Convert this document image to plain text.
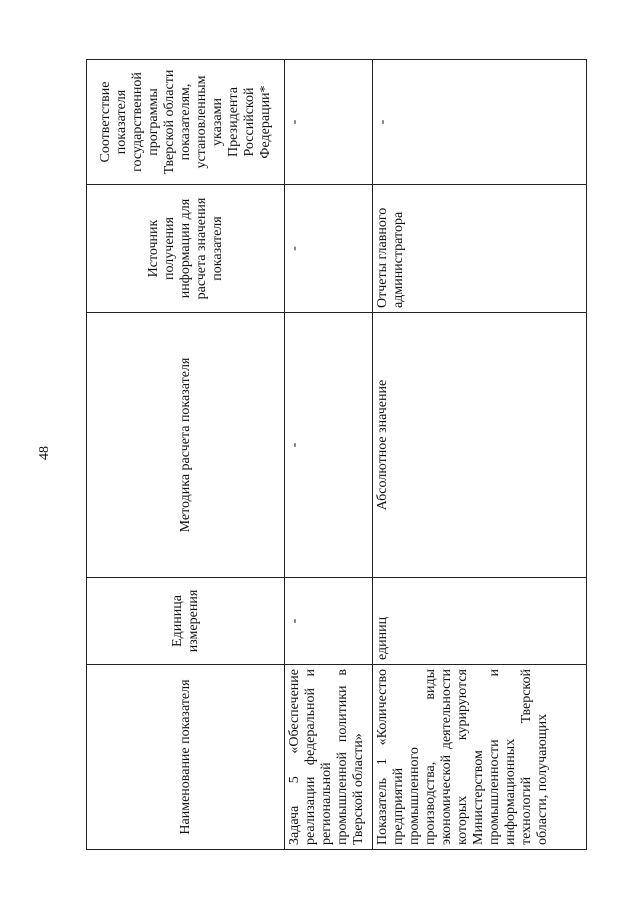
48
Наименование показателя	Единица измерения	Методика расчета показателя	Источник получения информации для расчета значения показателя	Соответствие показателя государственной программы Тверской области показателям, установленным указами Президента Российской Федерации*
Задача 5 «Обеспечение реализации федеральной и региональной промышленной политики в Тверской области»	-	-	-	-
Показатель 1 «Количество предприятий промышленного производства, виды экономической деятельности которых курируются Министерством промышленности и информационных технологий Тверской области, получающих	единиц	Абсолютное значение	Отчеты главного администратора	-
